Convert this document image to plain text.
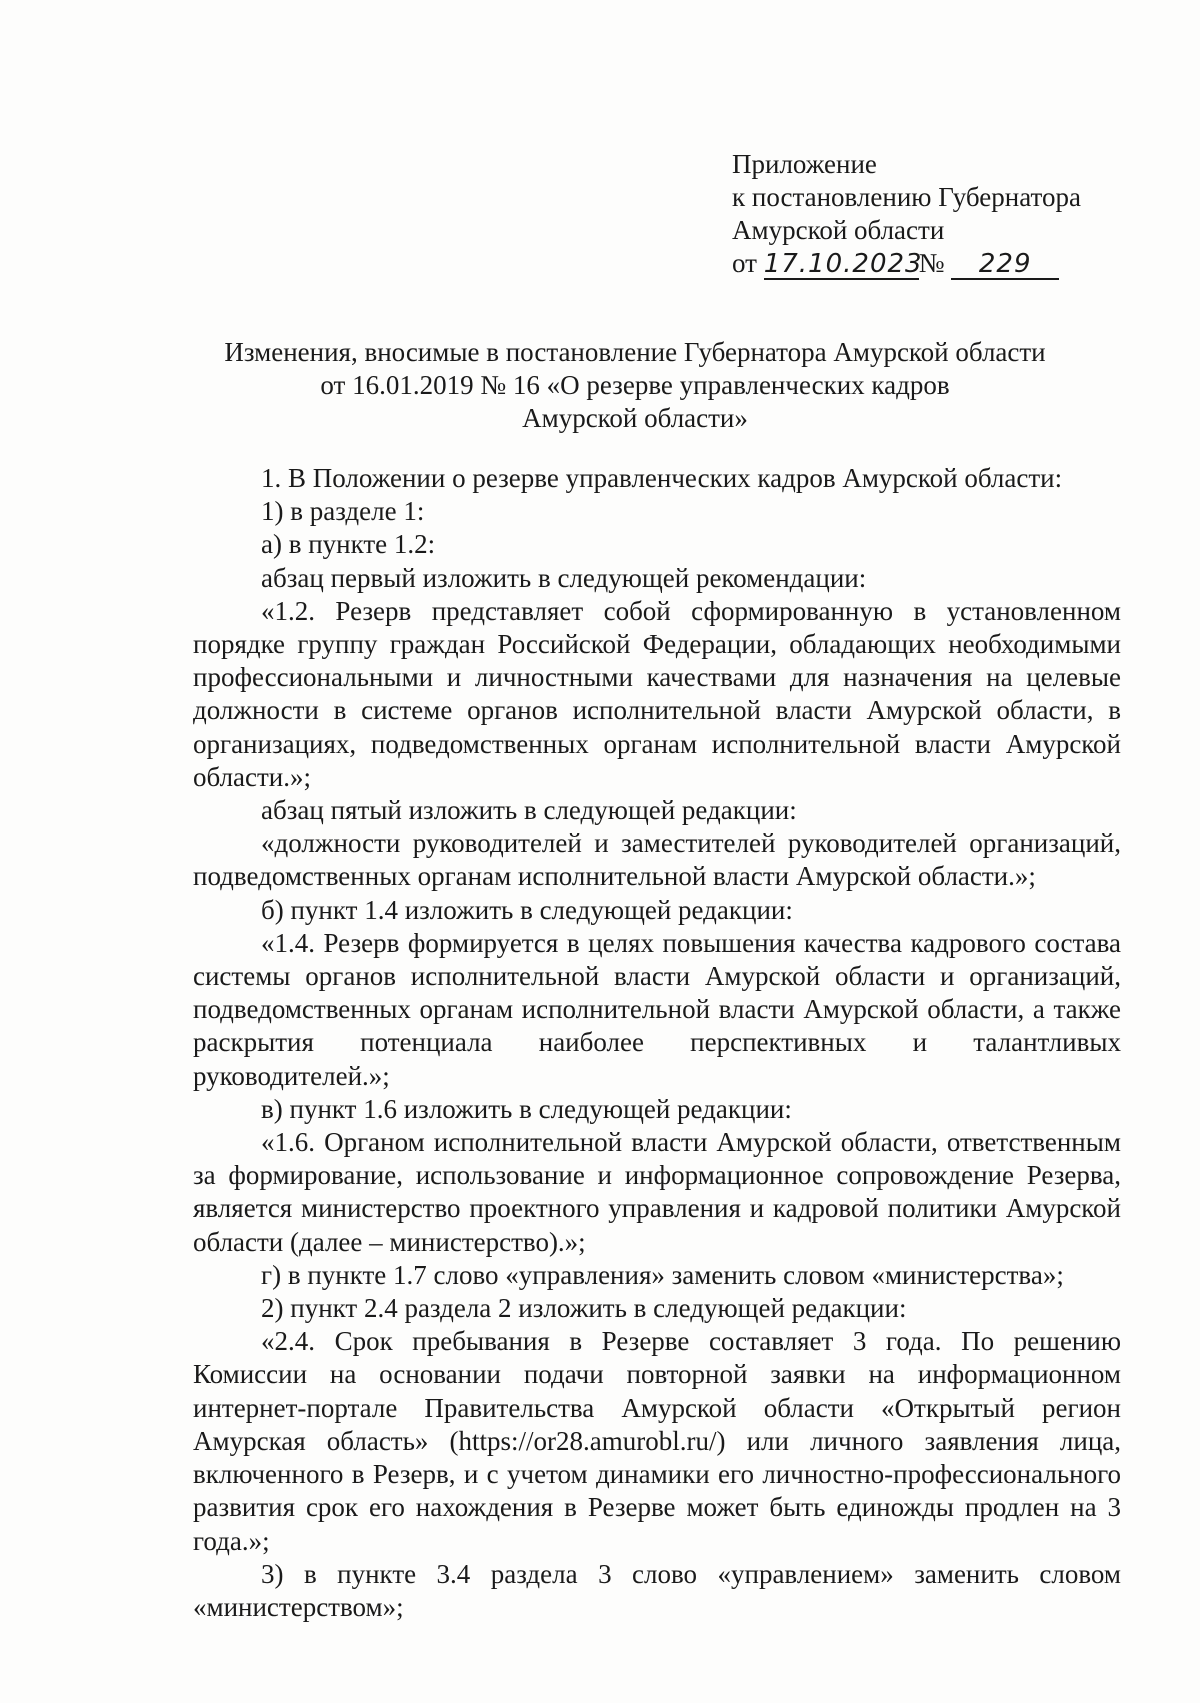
Приложение
к постановлению Губернатора
Амурской области
от 17.10.2023№ 229
Изменения, вносимые в постановление Губернатора Амурской области
от 16.01.2019 № 16 «О резерве управленческих кадров
Амурской области»

1. В Положении о резерве управленческих кадров Амурской области:

1) в разделе 1:

а) в пункте 1.2:

абзац первый изложить в следующей рекомендации:

«1.2. Резерв представляет собой сформированную в установленном порядке группу граждан Российской Федерации, обладающих необходимыми профессиональными и личностными качествами для назначения на целевые должности в системе органов исполнительной власти Амурской области, в организациях, подведомственных органам исполнительной власти Амурской области.»;

абзац пятый изложить в следующей редакции:

«должности руководителей и заместителей руководителей организаций, подведомственных органам исполнительной власти Амурской области.»;

б) пункт 1.4 изложить в следующей редакции:

«1.4. Резерв формируется в целях повышения качества кадрового состава системы органов исполнительной власти Амурской области и организаций, подведомственных органам исполнительной власти Амурской области, а также раскрытия потенциала наиболее перспективных и талантливых руководителей.»;

в) пункт 1.6 изложить в следующей редакции:

«1.6. Органом исполнительной власти Амурской области, ответственным за формирование, использование и информационное сопровождение Резерва, является министерство проектного управления и кадровой политики Амурской области (далее – министерство).»;

г) в пункте 1.7 слово «управления» заменить словом «министерства»;

2) пункт 2.4 раздела 2 изложить в следующей редакции:

«2.4. Срок пребывания в Резерве составляет 3 года. По решению Комиссии на основании подачи повторной заявки на информационном интернет-портале Правительства Амурской области «Открытый регион Амурская область» (https://or28.amurobl.ru/) или личного заявления лица, включенного в Резерв, и с учетом динамики его личностно-профессионального развития срок его нахождения в Резерве может быть единожды продлен на 3 года.»;

3) в пункте 3.4 раздела 3 слово «управлением» заменить словом «министерством»;
